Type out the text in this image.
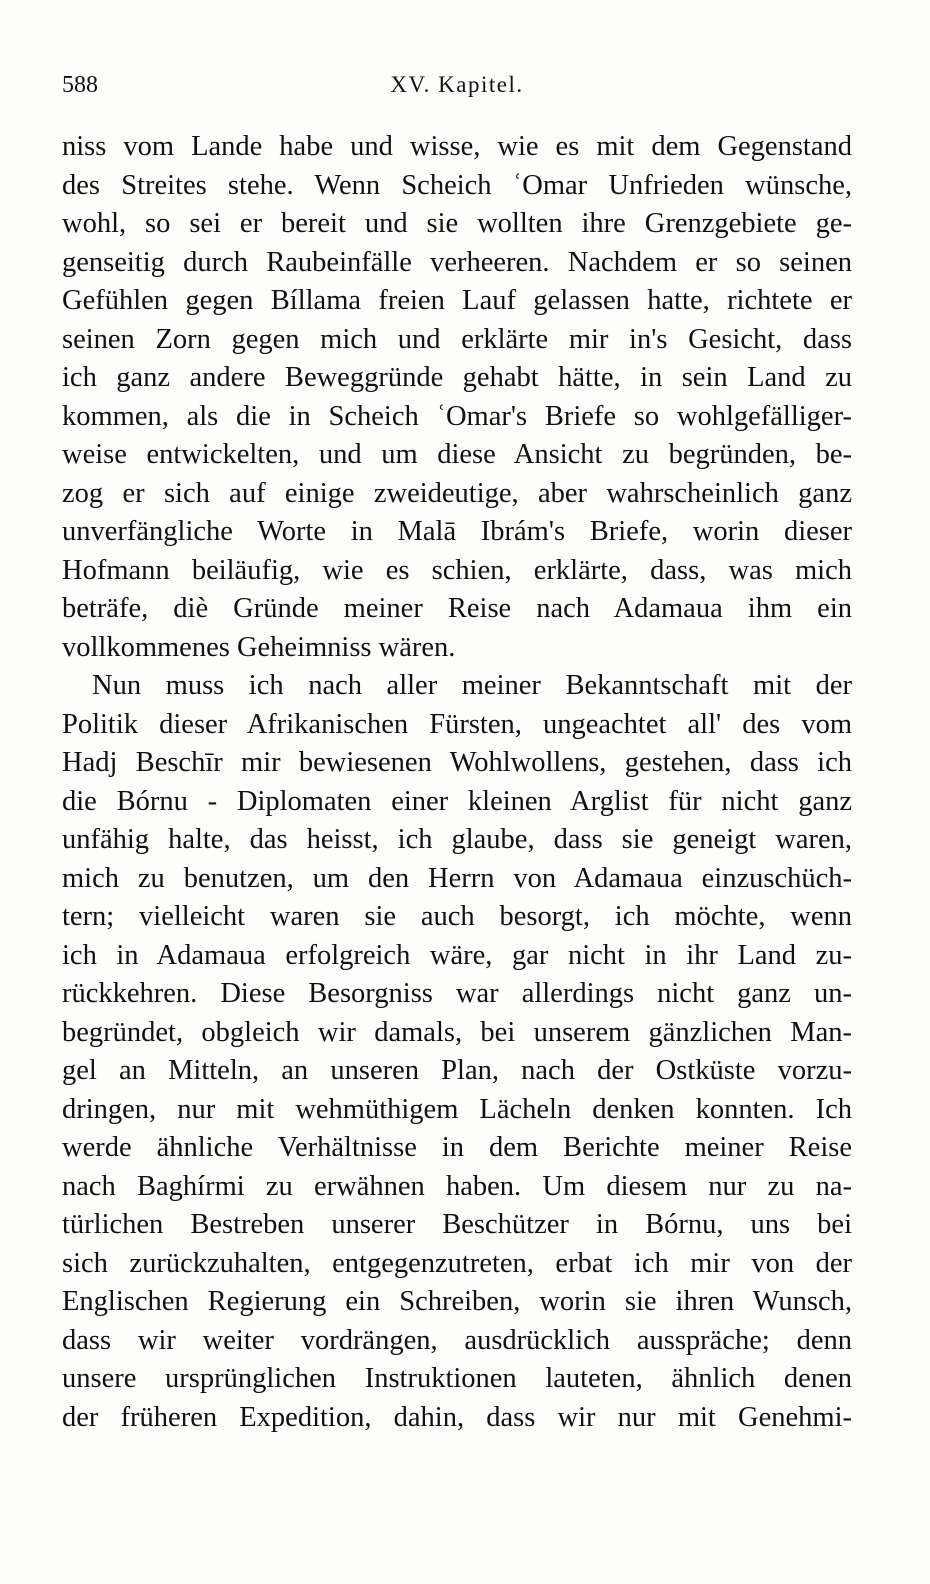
588	XV. Kapitel.
niss vom Lande habe und wisse, wie es mit dem Gegenstand
des Streites stehe. Wenn Scheich ʿOmar Unfrieden wünsche,
wohl, so sei er bereit und sie wollten ihre Grenzgebiete ge-
genseitig durch Raubeinfälle verheeren. Nachdem er so seinen
Gefühlen gegen Bíllama freien Lauf gelassen hatte, richtete er
seinen Zorn gegen mich und erklärte mir in's Gesicht, dass
ich ganz andere Beweggründe gehabt hätte, in sein Land zu
kommen, als die in Scheich ʿOmar's Briefe so wohlgefälliger-
weise entwickelten, und um diese Ansicht zu begründen, be-
zog er sich auf einige zweideutige, aber wahrscheinlich ganz
unverfängliche Worte in Malā Ibrám's Briefe, worin dieser
Hofmann beiläufig, wie es schien, erklärte, dass, was mich
beträfe, diè Gründe meiner Reise nach Adamaua ihm ein
vollkommenes Geheimniss wären.
Nun muss ich nach aller meiner Bekanntschaft mit der
Politik dieser Afrikanischen Fürsten, ungeachtet all' des vom
Hadj Beschīr mir bewiesenen Wohlwollens, gestehen, dass ich
die Bórnu - Diplomaten einer kleinen Arglist für nicht ganz
unfähig halte, das heisst, ich glaube, dass sie geneigt waren,
mich zu benutzen, um den Herrn von Adamaua einzuschüch-
tern; vielleicht waren sie auch besorgt, ich möchte, wenn
ich in Adamaua erfolgreich wäre, gar nicht in ihr Land zu-
rückkehren. Diese Besorgniss war allerdings nicht ganz un-
begründet, obgleich wir damals, bei unserem gänzlichen Man-
gel an Mitteln, an unseren Plan, nach der Ostküste vorzu-
dringen, nur mit wehmüthigem Lächeln denken konnten. Ich
werde ähnliche Verhältnisse in dem Berichte meiner Reise
nach Baghírmi zu erwähnen haben. Um diesem nur zu na-
türlichen Bestreben unserer Beschützer in Bórnu, uns bei
sich zurückzuhalten, entgegenzutreten, erbat ich mir von der
Englischen Regierung ein Schreiben, worin sie ihren Wunsch,
dass wir weiter vordrängen, ausdrücklich ausspräche; denn
unsere ursprünglichen Instruktionen lauteten, ähnlich denen
der früheren Expedition, dahin, dass wir nur mit Genehmi-
